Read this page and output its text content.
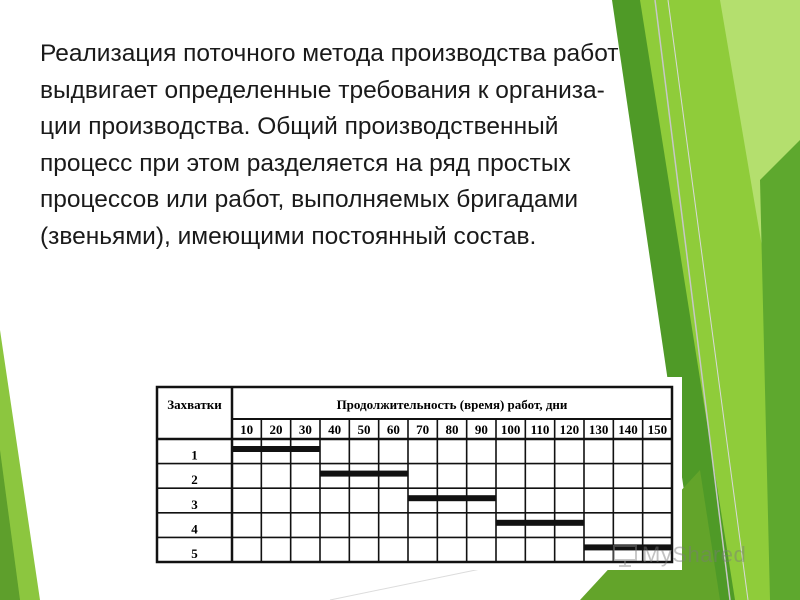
Реализация поточного метода производства работ
выдвигает определенные требования к организа-
ции производства. Общий производственный
процесс при этом разделяется на ряд простых
процессов или работ, выполняемых бригадами
(звеньями), имеющими постоянный состав.
Захватки	Продолжительность (время) работ, дни
10 20 30 40 50 60 70 80 90 100 110 120 130 140 150
1
2
3
4
5	MyShared
